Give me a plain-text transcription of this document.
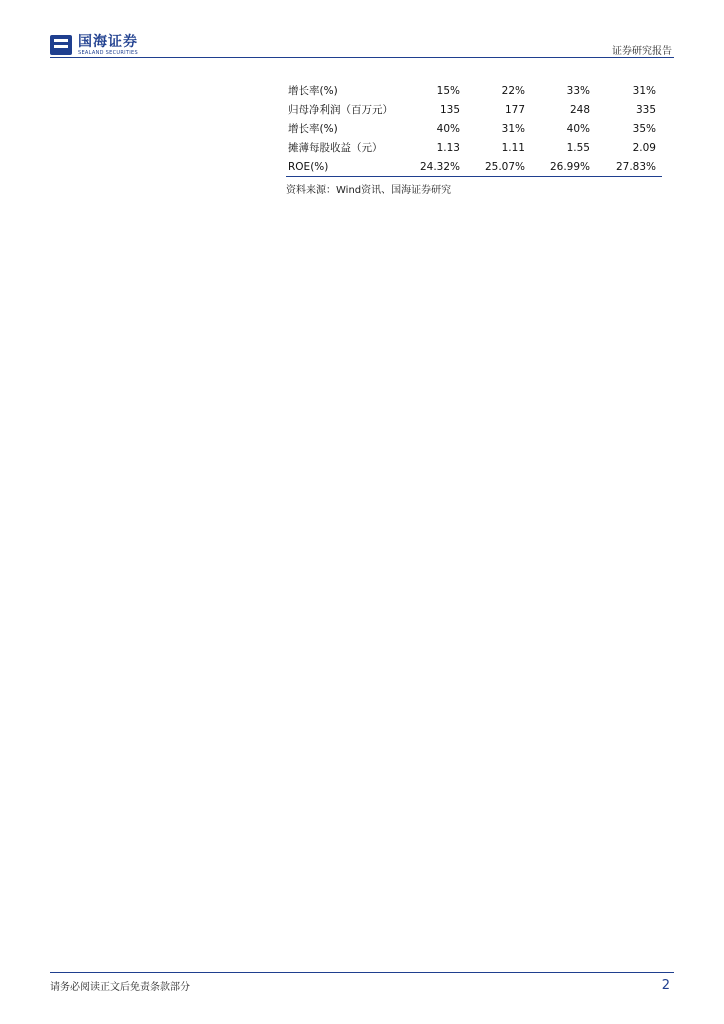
国海证券
SEALAND SECURITIES	证券研究报告
增长率(%)	15%	22%	33%	31%
归母净利润（百万元）	135	177	248	335
增长率(%)	40%	31%	40%	35%
摊薄每股收益（元）	1.13	1.11	1.55	2.09
ROE(%)	24.32% 25.07% 26.99% 27.83%
资料来源：Wind资讯、国海证券研究
请务必阅读正文后免责条款部分	2
